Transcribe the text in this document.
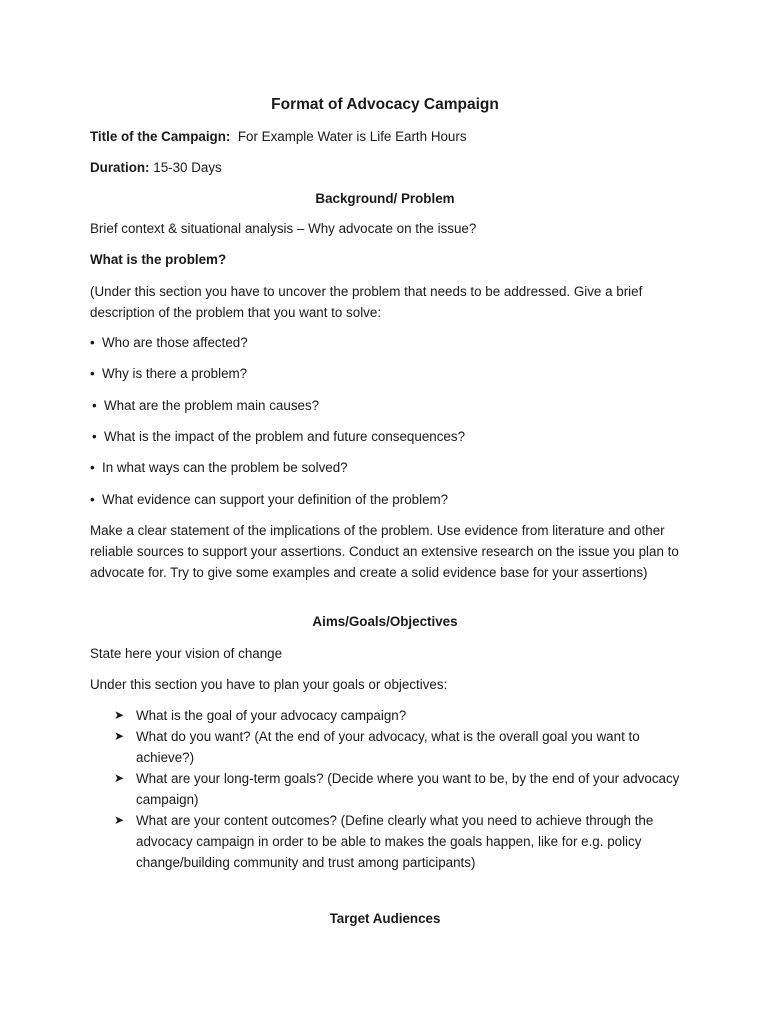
Format of Advocacy Campaign
Title of the Campaign: For Example Water is Life Earth Hours
Duration: 15-30 Days
Background/ Problem
Brief context & situational analysis – Why advocate on the issue?
What is the problem?
(Under this section you have to uncover the problem that needs to be addressed. Give a brief description of the problem that you want to solve:
• Who are those affected?
• Why is there a problem?
• What are the problem main causes?
• What is the impact of the problem and future consequences?
• In what ways can the problem be solved?
• What evidence can support your definition of the problem?
Make a clear statement of the implications of the problem. Use evidence from literature and other reliable sources to support your assertions. Conduct an extensive research on the issue you plan to advocate for. Try to give some examples and create a solid evidence base for your assertions)
Aims/Goals/Objectives
State here your vision of change
Under this section you have to plan your goals or objectives:
➤ What is the goal of your advocacy campaign?
➤ What do you want? (At the end of your advocacy, what is the overall goal you want to achieve?)
➤ What are your long-term goals? (Decide where you want to be, by the end of your advocacy campaign)
➤ What are your content outcomes? (Define clearly what you need to achieve through the advocacy campaign in order to be able to makes the goals happen, like for e.g. policy change/building community and trust among participants)
Target Audiences
